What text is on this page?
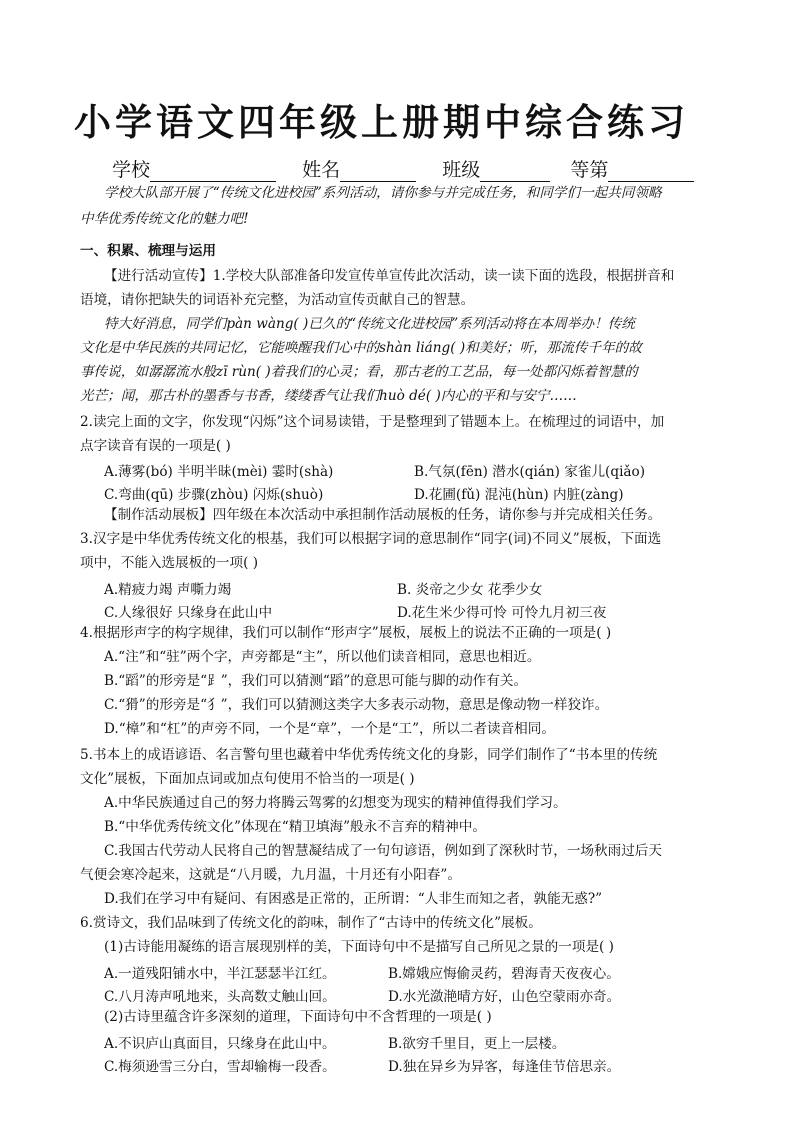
小学语文四年级上册期中综合练习
学校	姓名	班级	等第
学校大队部开展了“传统文化进校园”系列活动，请你参与并完成任务，和同学们一起共同领略
中华优秀传统文化的魅力吧!
一、积累、梳理与运用
【进行活动宣传】1.学校大队部准备印发宣传单宣传此次活动，读一读下面的选段，根据拼音和
语境，请你把缺失的词语补充完整，为活动宣传贡献自己的智慧。
特大好消息，同学们pàn wàng( )已久的“传统文化进校园”系列活动将在本周举办！传统
文化是中华民族的共同记忆，它能唤醒我们心中的shàn liáng( )和美好；听，那流传千年的故
事传说，如潺潺流水般zī rùn( )着我们的心灵；看，那古老的工艺品，每一处都闪烁着智慧的
光芒；闻，那古朴的墨香与书香，缕缕香气让我们huò dé( )内心的平和与安宁……
2.读完上面的文字，你发现“闪烁”这个词易读错，于是整理到了错题本上。在梳理过的词语中，加
点字读音有误的一项是( )
A.薄雾(bó) 半明半昧(mèi) 霎时(shà)	B.气氛(fēn) 潜水(qián) 家雀儿(qiǎo)
C.弯曲(qū) 步骤(zhòu) 闪烁(shuò)	D.花圃(fǔ) 混沌(hùn) 内脏(zàng)
【制作活动展板】四年级在本次活动中承担制作活动展板的任务，请你参与并完成相关任务。
3.汉字是中华优秀传统文化的根基，我们可以根据字词的意思制作“同字(词)不同义”展板，下面选
项中，不能入选展板的一项( )
A.精疲力竭 声嘶力竭	B. 炎帝之少女 花季少女
C.人缘很好 只缘身在此山中	D.花生米少得可怜 可怜九月初三夜
4.根据形声字的构字规律，我们可以制作“形声字”展板，展板上的说法不正确的一项是( )
A.“注”和“驻”两个字，声旁都是“主”，所以他们读音相同，意思也相近。
B.“蹈”的形旁是“⻊”，我们可以猜测“蹈”的意思可能与脚的动作有关。
C.“猾”的形旁是“犭”，我们可以猜测这类字大多表示动物，意思是像动物一样狡诈。
D.“樟”和“杠”的声旁不同，一个是“章”，一个是“工”，所以二者读音相同。
5.书本上的成语谚语、名言警句里也藏着中华优秀传统文化的身影，同学们制作了“书本里的传统
文化”展板，下面加点词或加点句使用不恰当的一项是( )
A.中华民族通过自己的努力将腾云驾雾的幻想变为现实的精神值得我们学习。
B.“中华优秀传统文化”体现在“精卫填海”般永不言弃的精神中。
C.我国古代劳动人民将自己的智慧凝结成了一句句谚语，例如到了深秋时节，一场秋雨过后天
气便会寒冷起来，这就是“八月暖，九月温，十月还有小阳春”。
D.我们在学习中有疑问、有困惑是正常的，正所谓：“人非生而知之者，孰能无惑?”
6.赏诗文，我们品味到了传统文化的韵味，制作了“古诗中的传统文化”展板。
(1)古诗能用凝练的语言展现别样的美，下面诗句中不是描写自己所见之景的一项是( )
A.一道残阳铺水中，半江瑟瑟半江红。	B.嫦娥应悔偷灵药，碧海青天夜夜心。
C.八月涛声吼地来，头高数丈触山回。	D.水光潋滟晴方好，山色空蒙雨亦奇。
(2)古诗里蕴含许多深刻的道理，下面诗句中不含哲理的一项是( )
A.不识庐山真面目，只缘身在此山中。	B.欲穷千里目，更上一层楼。
C.梅须逊雪三分白，雪却输梅一段香。	D.独在异乡为异客，每逢佳节倍思亲。
